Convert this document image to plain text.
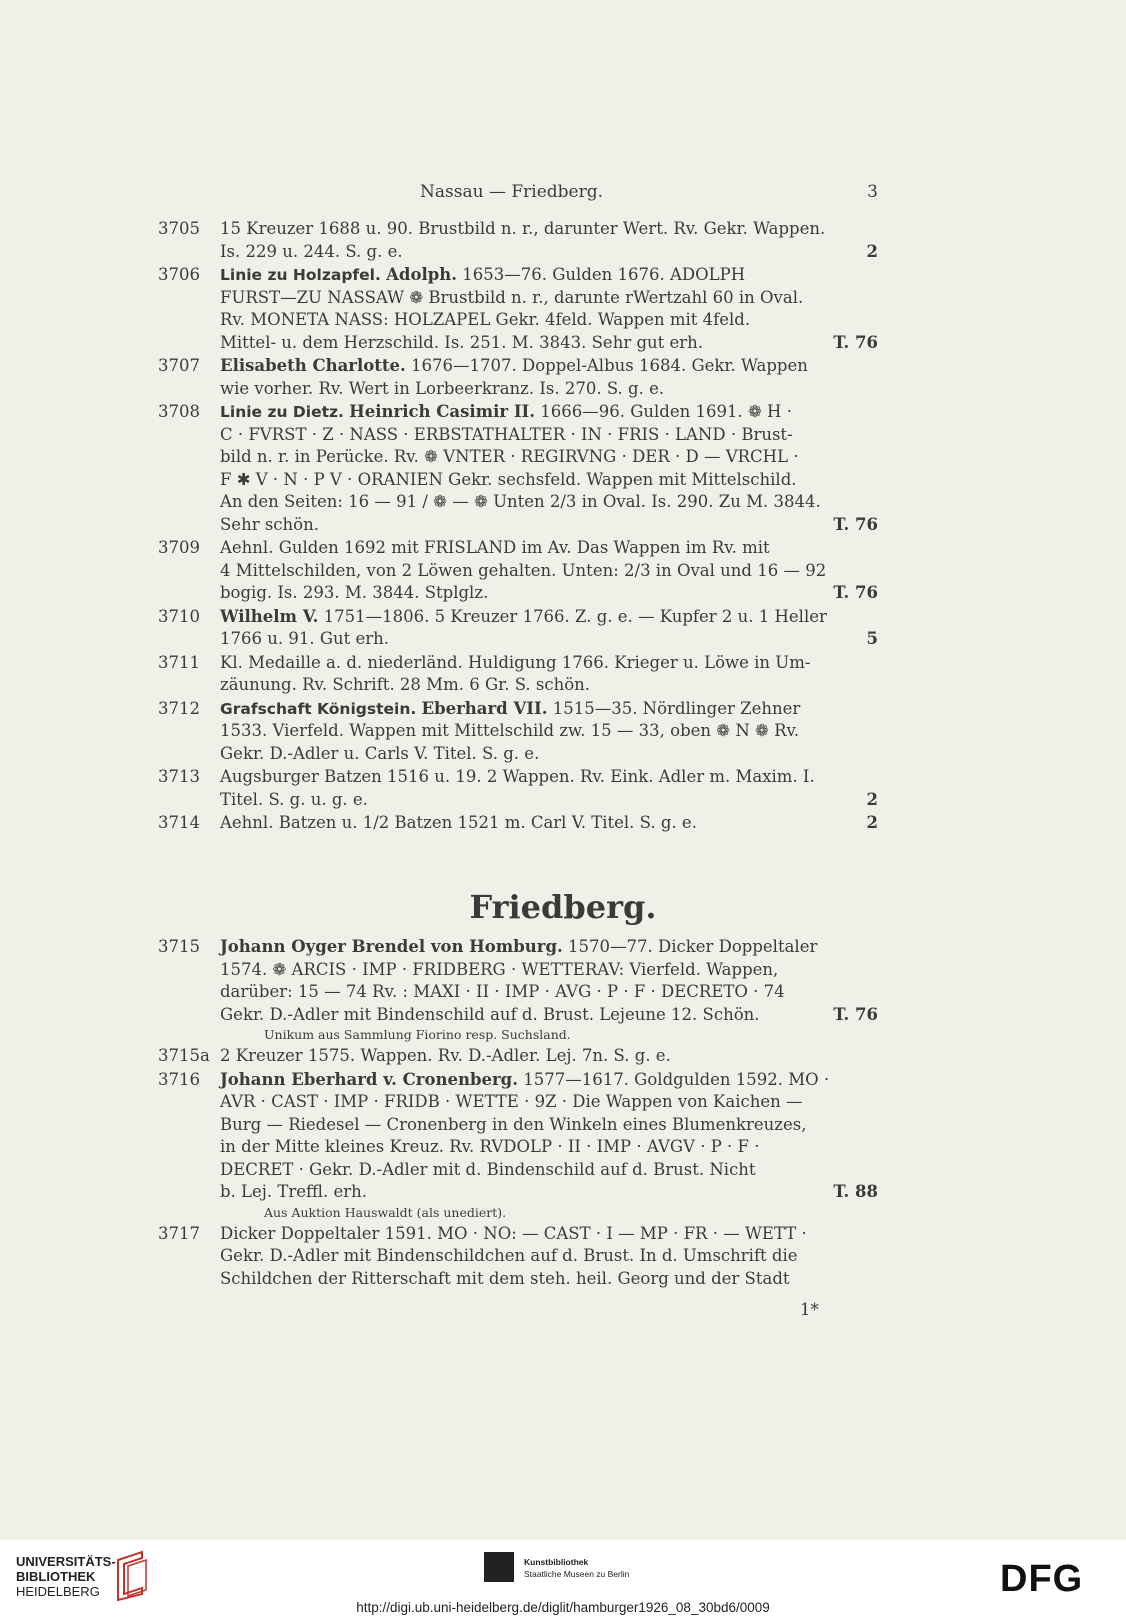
Nassau — Friedberg.	3
3705	15 Kreuzer 1688 u. 90. Brustbild n. r., darunter Wert. Rv. Gekr. Wappen.
Is. 229 u. 244. S. g. e.	2
3706	Linie zu Holzapfel. Adolph. 1653—76. Gulden 1676. ADOLPH
FURST—ZU NASSAW ❁ Brustbild n. r., darunte rWertzahl 60 in Oval.
Rv. MONETA NASS: HOLZAPEL Gekr. 4feld. Wappen mit 4feld.
Mittel- u. dem Herzschild. Is. 251. M. 3843. Sehr gut erh.	T. 76
3707	Elisabeth Charlotte. 1676—1707. Doppel-Albus 1684. Gekr. Wappen
wie vorher. Rv. Wert in Lorbeerkranz. Is. 270. S. g. e.
3708	Linie zu Dietz. Heinrich Casimir II. 1666—96. Gulden 1691. ❁ H ·
C · FVRST · Z · NASS · ERBSTATHALTER · IN · FRIS · LAND · Brust-
bild n. r. in Perücke. Rv. ❁ VNTER · REGIRVNG · DER · D — VRCHL ·
F ✱ V · N · P V · ORANIEN Gekr. sechsfeld. Wappen mit Mittelschild.
An den Seiten: 16 — 91 / ❁ — ❁ Unten 2/3 in Oval. Is. 290. Zu M. 3844.
Sehr schön.	T. 76
3709	Aehnl. Gulden 1692 mit FRISLAND im Av. Das Wappen im Rv. mit
4 Mittelschilden, von 2 Löwen gehalten. Unten: 2/3 in Oval und 16 — 92
bogig. Is. 293. M. 3844. Stplglz.	T. 76
3710	Wilhelm V. 1751—1806. 5 Kreuzer 1766. Z. g. e. — Kupfer 2 u. 1 Heller
1766 u. 91. Gut erh.	5
3711	Kl. Medaille a. d. niederländ. Huldigung 1766. Krieger u. Löwe in Um-
zäunung. Rv. Schrift. 28 Mm. 6 Gr. S. schön.
3712	Grafschaft Königstein. Eberhard VII. 1515—35. Nördlinger Zehner
1533. Vierfeld. Wappen mit Mittelschild zw. 15 — 33, oben ❁ N ❁ Rv.
Gekr. D.-Adler u. Carls V. Titel. S. g. e.
3713	Augsburger Batzen 1516 u. 19. 2 Wappen. Rv. Eink. Adler m. Maxim. I.
Titel. S. g. u. g. e.	2
3714	Aehnl. Batzen u. 1/2 Batzen 1521 m. Carl V. Titel. S. g. e.	2
Friedberg.
3715	Johann Oyger Brendel von Homburg. 1570—77. Dicker Doppeltaler
1574. ❁ ARCIS · IMP · FRIDBERG · WETTERAV: Vierfeld. Wappen,
darüber: 15 — 74 Rv. : MAXI · II · IMP · AVG · P · F · DECRETO · 74
Gekr. D.-Adler mit Bindenschild auf d. Brust. Lejeune 12. Schön.	T. 76
Unikum aus Sammlung Fiorino resp. Suchsland.
3715a 2 Kreuzer 1575. Wappen. Rv. D.-Adler. Lej. 7n. S. g. e.
3716	Johann Eberhard v. Cronenberg. 1577—1617. Goldgulden 1592. MO ·
AVR · CAST · IMP · FRIDB · WETTE · 9Z · Die Wappen von Kaichen —
Burg — Riedesel — Cronenberg in den Winkeln eines Blumenkreuzes,
in der Mitte kleines Kreuz. Rv. RVDOLP · II · IMP · AVGV · P · F ·
DECRET · Gekr. D.-Adler mit d. Bindenschild auf d. Brust. Nicht
b. Lej. Treffl. erh.	T. 88
Aus Auktion Hauswaldt (als unediert).
3717	Dicker Doppeltaler 1591. MO · NO: — CAST · I — MP · FR · — WETT ·
Gekr. D.-Adler mit Bindenschildchen auf d. Brust. In d. Umschrift die
Schildchen der Ritterschaft mit dem steh. heil. Georg und der Stadt
1*
UNIVERSITÄTS-
BIBLIOTHEK
HEIDELBERG
Kunstbibliothek
Staatliche Museen zu Berlin	DFG
http://digi.ub.uni-heidelberg.de/diglit/hamburger1926_08_30bd6/0009
